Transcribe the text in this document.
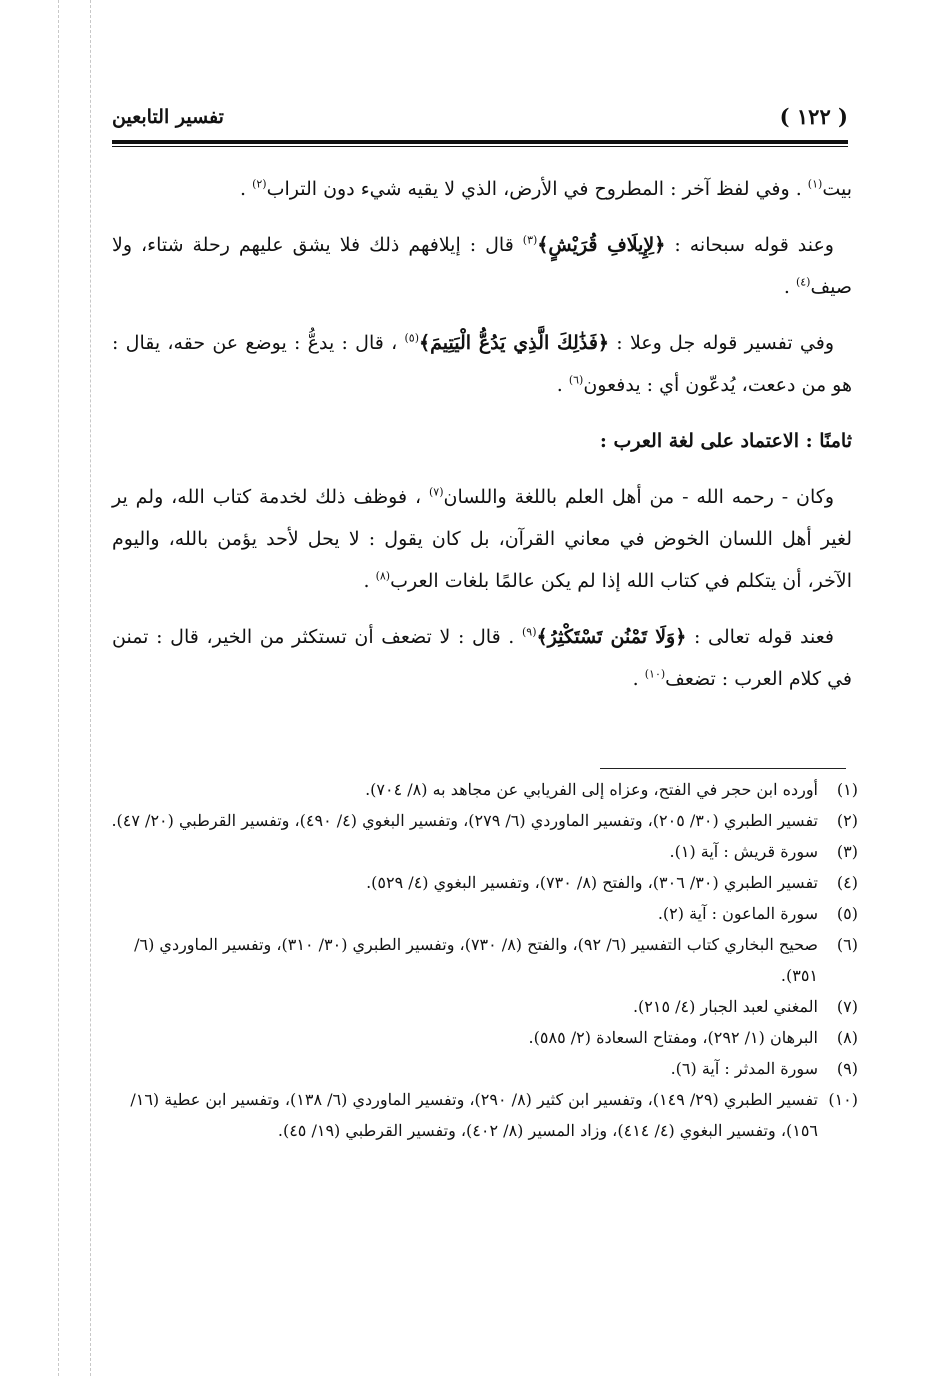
تفسير التابعين	( ١٢٢ )

بيت$^{(١)}$ . وفي لفظ آخر : المطروح في الأرض، الذي لا يقيه شيء دون التراب$^{(٢)}$ .

وعند قوله سبحانه : ﴿لِإِيلَافِ قُرَيْشٍ﴾$^{(٣)}$ قال : إيلافهم ذلك فلا يشق عليهم رحلة شتاء، ولا صيف$^{(٤)}$ .

وفي تفسير قوله جل وعلا : ﴿فَذَٰلِكَ الَّذِي يَدُعُّ الْيَتِيمَ﴾$^{(٥)}$ ، قال : يدعُّ : يوضع عن حقه، يقال : هو من دععت، يُدعّون أي : يدفعون$^{(٦)}$ .

ثامنًا : الاعتماد على لغة العرب :

وكان - رحمه الله - من أهل العلم باللغة واللسان$^{(٧)}$ ، فوظف ذلك لخدمة كتاب الله، ولم ير لغير أهل اللسان الخوض في معاني القرآن، بل كان يقول : لا يحل لأحد يؤمن بالله، واليوم الآخر، أن يتكلم في كتاب الله إذا لم يكن عالمًا بلغات العرب$^{(٨)}$ .

فعند قوله تعالى : ﴿وَلَا تَمْنُن تَسْتَكْثِرُ﴾$^{(٩)}$ . قال : لا تضعف أن تستكثر من الخير، قال : تمنن في كلام العرب : تضعف$^{(١٠)}$ .

(١)
أورده ابن حجر في الفتح، وعزاه إلى الفريابي عن مجاهد به (٨/ ٧٠٤).
(٢)
تفسير الطبري (٣٠/ ٢٠٥)، وتفسير الماوردي (٦/ ٢٧٩)، وتفسير البغوي (٤/ ٤٩٠)، وتفسير القرطبي (٢٠/ ٤٧).
(٣)
سورة قريش : آية (١).
(٤)
تفسير الطبري (٣٠/ ٣٠٦)، والفتح (٨/ ٧٣٠)، وتفسير البغوي (٤/ ٥٢٩).
(٥)
سورة الماعون : آية (٢).
(٦)
صحيح البخاري كتاب التفسير (٦/ ٩٢)، والفتح (٨/ ٧٣٠)، وتفسير الطبري (٣٠/ ٣١٠)، وتفسير الماوردي (٦/ ٣٥١).
(٧)
المغني لعبد الجبار (٤/ ٢١٥).
(٨)
البرهان (١/ ٢٩٢)، ومفتاح السعادة (٢/ ٥٨٥).
(٩)
سورة المدثر : آية (٦).
(١٠)
تفسير الطبري (٢٩/ ١٤٩)، وتفسير ابن كثير (٨/ ٢٩٠)، وتفسير الماوردي (٦/ ١٣٨)، وتفسير ابن عطية (١٦/ ١٥٦)، وتفسير البغوي (٤/ ٤١٤)، وزاد المسير (٨/ ٤٠٢)، وتفسير القرطبي (١٩/ ٤٥).
